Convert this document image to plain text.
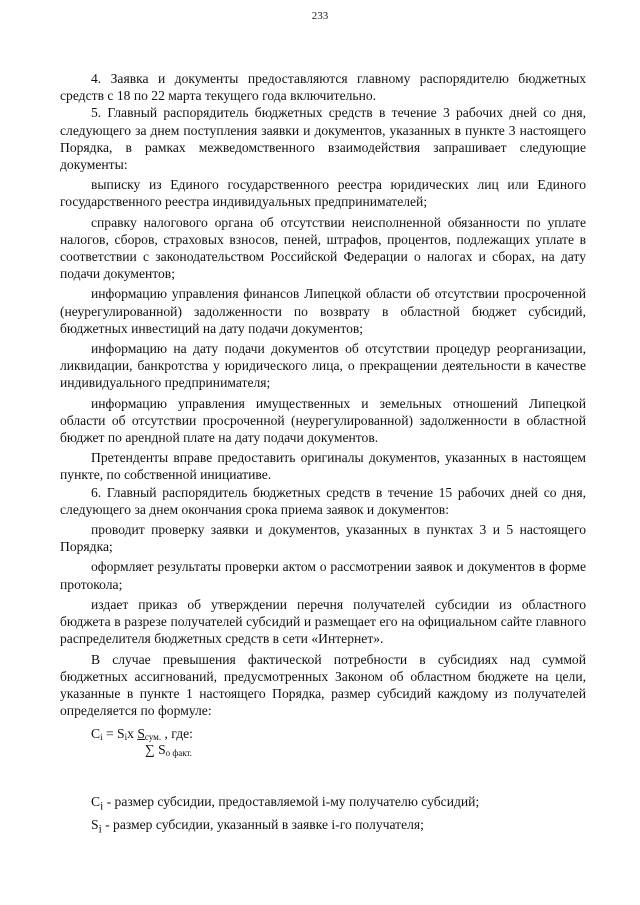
233

4. Заявка и документы предоставляются главному распорядителю бюджетных средств с 18 по 22 марта текущего года включительно.

5. Главный распорядитель бюджетных средств в течение 3 рабочих дней со дня, следующего за днем поступления заявки и документов, указанных в пункте 3 настоящего Порядка, в рамках межведомственного взаимодействия запрашивает следующие документы:

выписку из Единого государственного реестра юридических лиц или Единого государственного реестра индивидуальных предпринимателей;

справку налогового органа об отсутствии неисполненной обязанности по уплате налогов, сборов, страховых взносов, пеней, штрафов, процентов, подлежащих уплате в соответствии с законодательством Российской Федерации о налогах и сборах, на дату подачи документов;

информацию управления финансов Липецкой области об отсутствии просроченной (неурегулированной) задолженности по возврату в областной бюджет субсидий, бюджетных инвестиций на дату подачи документов;

информацию на дату подачи документов об отсутствии процедур реорганизации, ликвидации, банкротства у юридического лица, о прекращении деятельности в качестве индивидуального предпринимателя;

информацию управления имущественных и земельных отношений Липецкой области об отсутствии просроченной (неурегулированной) задолженности в областной бюджет по арендной плате на дату подачи документов.

Претенденты вправе предоставить оригиналы документов, указанных в настоящем пункте, по собственной инициативе.

6. Главный распорядитель бюджетных средств в течение 15 рабочих дней со дня, следующего за днем окончания срока приема заявок и документов:

проводит проверку заявки и документов, указанных в пунктах 3 и 5 настоящего Порядка;

оформляет результаты проверки актом о рассмотрении заявок и документов в форме протокола;

издает приказ об утверждении перечня получателей субсидии из областного бюджета в разрезе получателей субсидий и размещает его на официальном сайте главного распределителя бюджетных средств в сети «Интернет».

В случае превышения фактической потребности в субсидиях над суммой бюджетных ассигнований, предусмотренных Законом об областном бюджете на цели, указанные в пункте 1 настоящего Порядка, размер субсидий каждому из получателей определяется по формуле:

$C_i = S_iх$ $S_{сум.}$ , где:
∑ $S_{о факт.}$

$C_i$ - размер субсидии, предоставляемой i-му получателю субсидий;

$S_i$ - размер субсидии, указанный в заявке i-го получателя;
